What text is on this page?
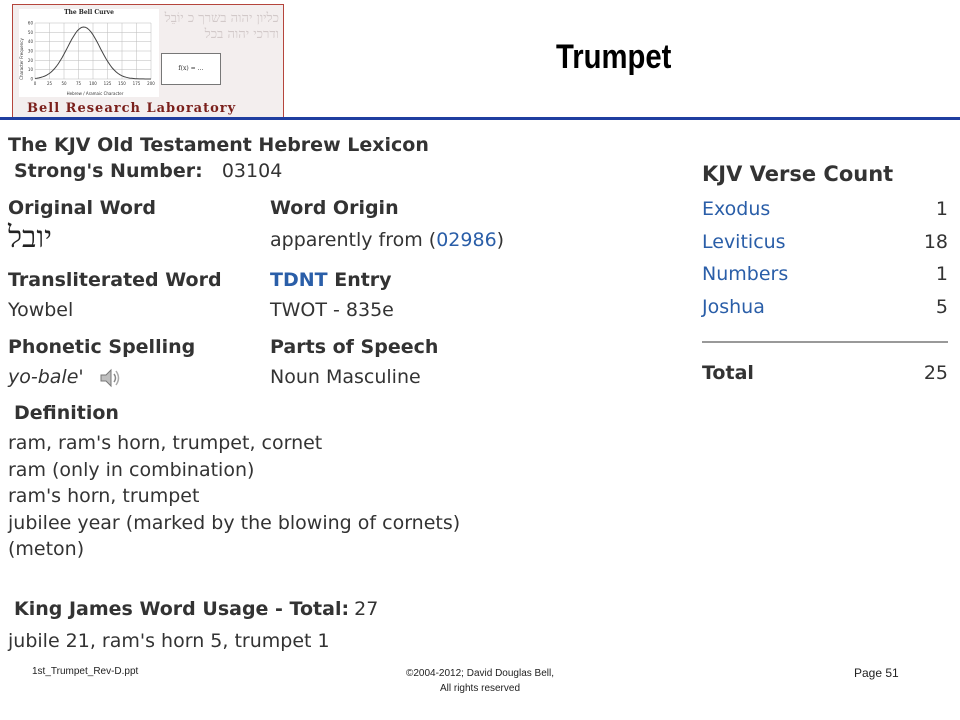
כליון יהוה בשרך כ יוֹבֵל ודרכי יהוה בכל
The Bell Curve
60
50
40
30
20
10
0
0	25 50 75 100 125 150 175 200
Character Frequency
Hebrew / Aramaic Character
f(x) = …
Bell Research Laboratory
Trumpet
The KJV Old Testament Hebrew Lexicon
Strong's Number: 03104
Original Word
יובל
Word Origin
apparently from (02986)
Transliterated Word
Yowbel
TDNT Entry
TWOT - 835e
Phonetic Spelling
yo-bale'
Parts of Speech
Noun Masculine
Definition
ram, ram's horn, trumpet, cornet
ram (only in combination)
ram's horn, trumpet
jubilee year (marked by the blowing of cornets)
(meton)
King James Word Usage - Total: 27
jubile 21, ram's horn 5, trumpet 1
KJV Verse Count
Exodus	1
Leviticus	18
Numbers	1
Joshua	5
Total	25
1st_Trumpet_Rev-D.ppt	©2004-2012; David Douglas Bell,
All rights reserved
Page 51
